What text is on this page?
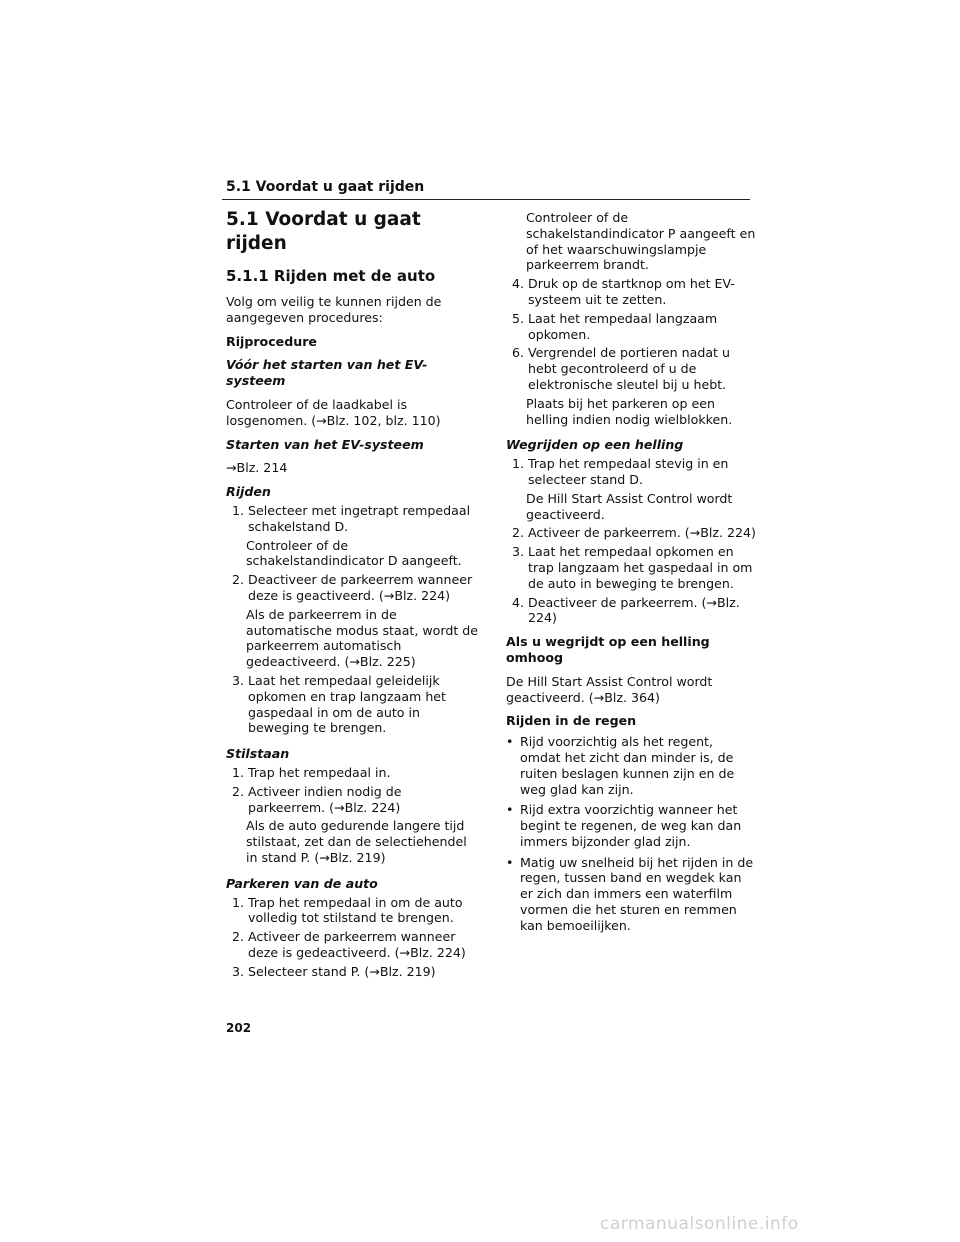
5.1 Voordat u gaat rijden
5.1 Voordat u gaat rijden
5.1.1 Rijden met de auto

Volg om veilig te kunnen rijden de aangegeven procedures:

Rijprocedure

Vóór het starten van het EV-systeem

Controleer of de laadkabel is losgenomen. (→Blz. 102, blz. 110)

Starten van het EV-systeem

→Blz. 214

Rijden

1. Selecteer met ingetrapt rempedaal schakelstand D.
Controleer of de schakelstandindicator D aangeeft.
2. Deactiveer de parkeerrem wanneer deze is geactiveerd. (→Blz. 224)
Als de parkeerrem in de automatische modus staat, wordt de parkeerrem automatisch gedeactiveerd. (→Blz. 225)
3. Laat het rempedaal geleidelijk opkomen en trap langzaam het gaspedaal in om de auto in beweging te brengen.

Stilstaan

1. Trap het rempedaal in.
2. Activeer indien nodig de parkeerrem. (→Blz. 224)
Als de auto gedurende langere tijd stilstaat, zet dan de selectiehendel in stand P. (→Blz. 219)

Parkeren van de auto

1. Trap het rempedaal in om de auto volledig tot stilstand te brengen.
2. Activeer de parkeerrem wanneer deze is gedeactiveerd. (→Blz. 224)
3. Selecteer stand P. (→Blz. 219)
Controleer of de schakelstandindicator P aangeeft en of het waarschuwingslampje parkeerrem brandt.
4. Druk op de startknop om het EV-systeem uit te zetten.
5. Laat het rempedaal langzaam opkomen.
6. Vergrendel de portieren nadat u hebt gecontroleerd of u de elektronische sleutel bij u hebt.
Plaats bij het parkeren op een helling indien nodig wielblokken.

Wegrijden op een helling

1. Trap het rempedaal stevig in en selecteer stand D.
De Hill Start Assist Control wordt geactiveerd.
2. Activeer de parkeerrem. (→Blz. 224)
3. Laat het rempedaal opkomen en trap langzaam het gaspedaal in om de auto in beweging te brengen.
4. Deactiveer de parkeerrem. (→Blz. 224)

Als u wegrijdt op een helling omhoog

De Hill Start Assist Control wordt geactiveerd. (→Blz. 364)

Rijden in de regen

• Rijd voorzichtig als het regent, omdat het zicht dan minder is, de ruiten beslagen kunnen zijn en de weg glad kan zijn.
• Rijd extra voorzichtig wanneer het begint te regenen, de weg kan dan immers bijzonder glad zijn.
• Matig uw snelheid bij het rijden in de regen, tussen band en wegdek kan er zich dan immers een waterfilm vormen die het sturen en remmen kan bemoeilijken.
202
carmanualsonline.info
